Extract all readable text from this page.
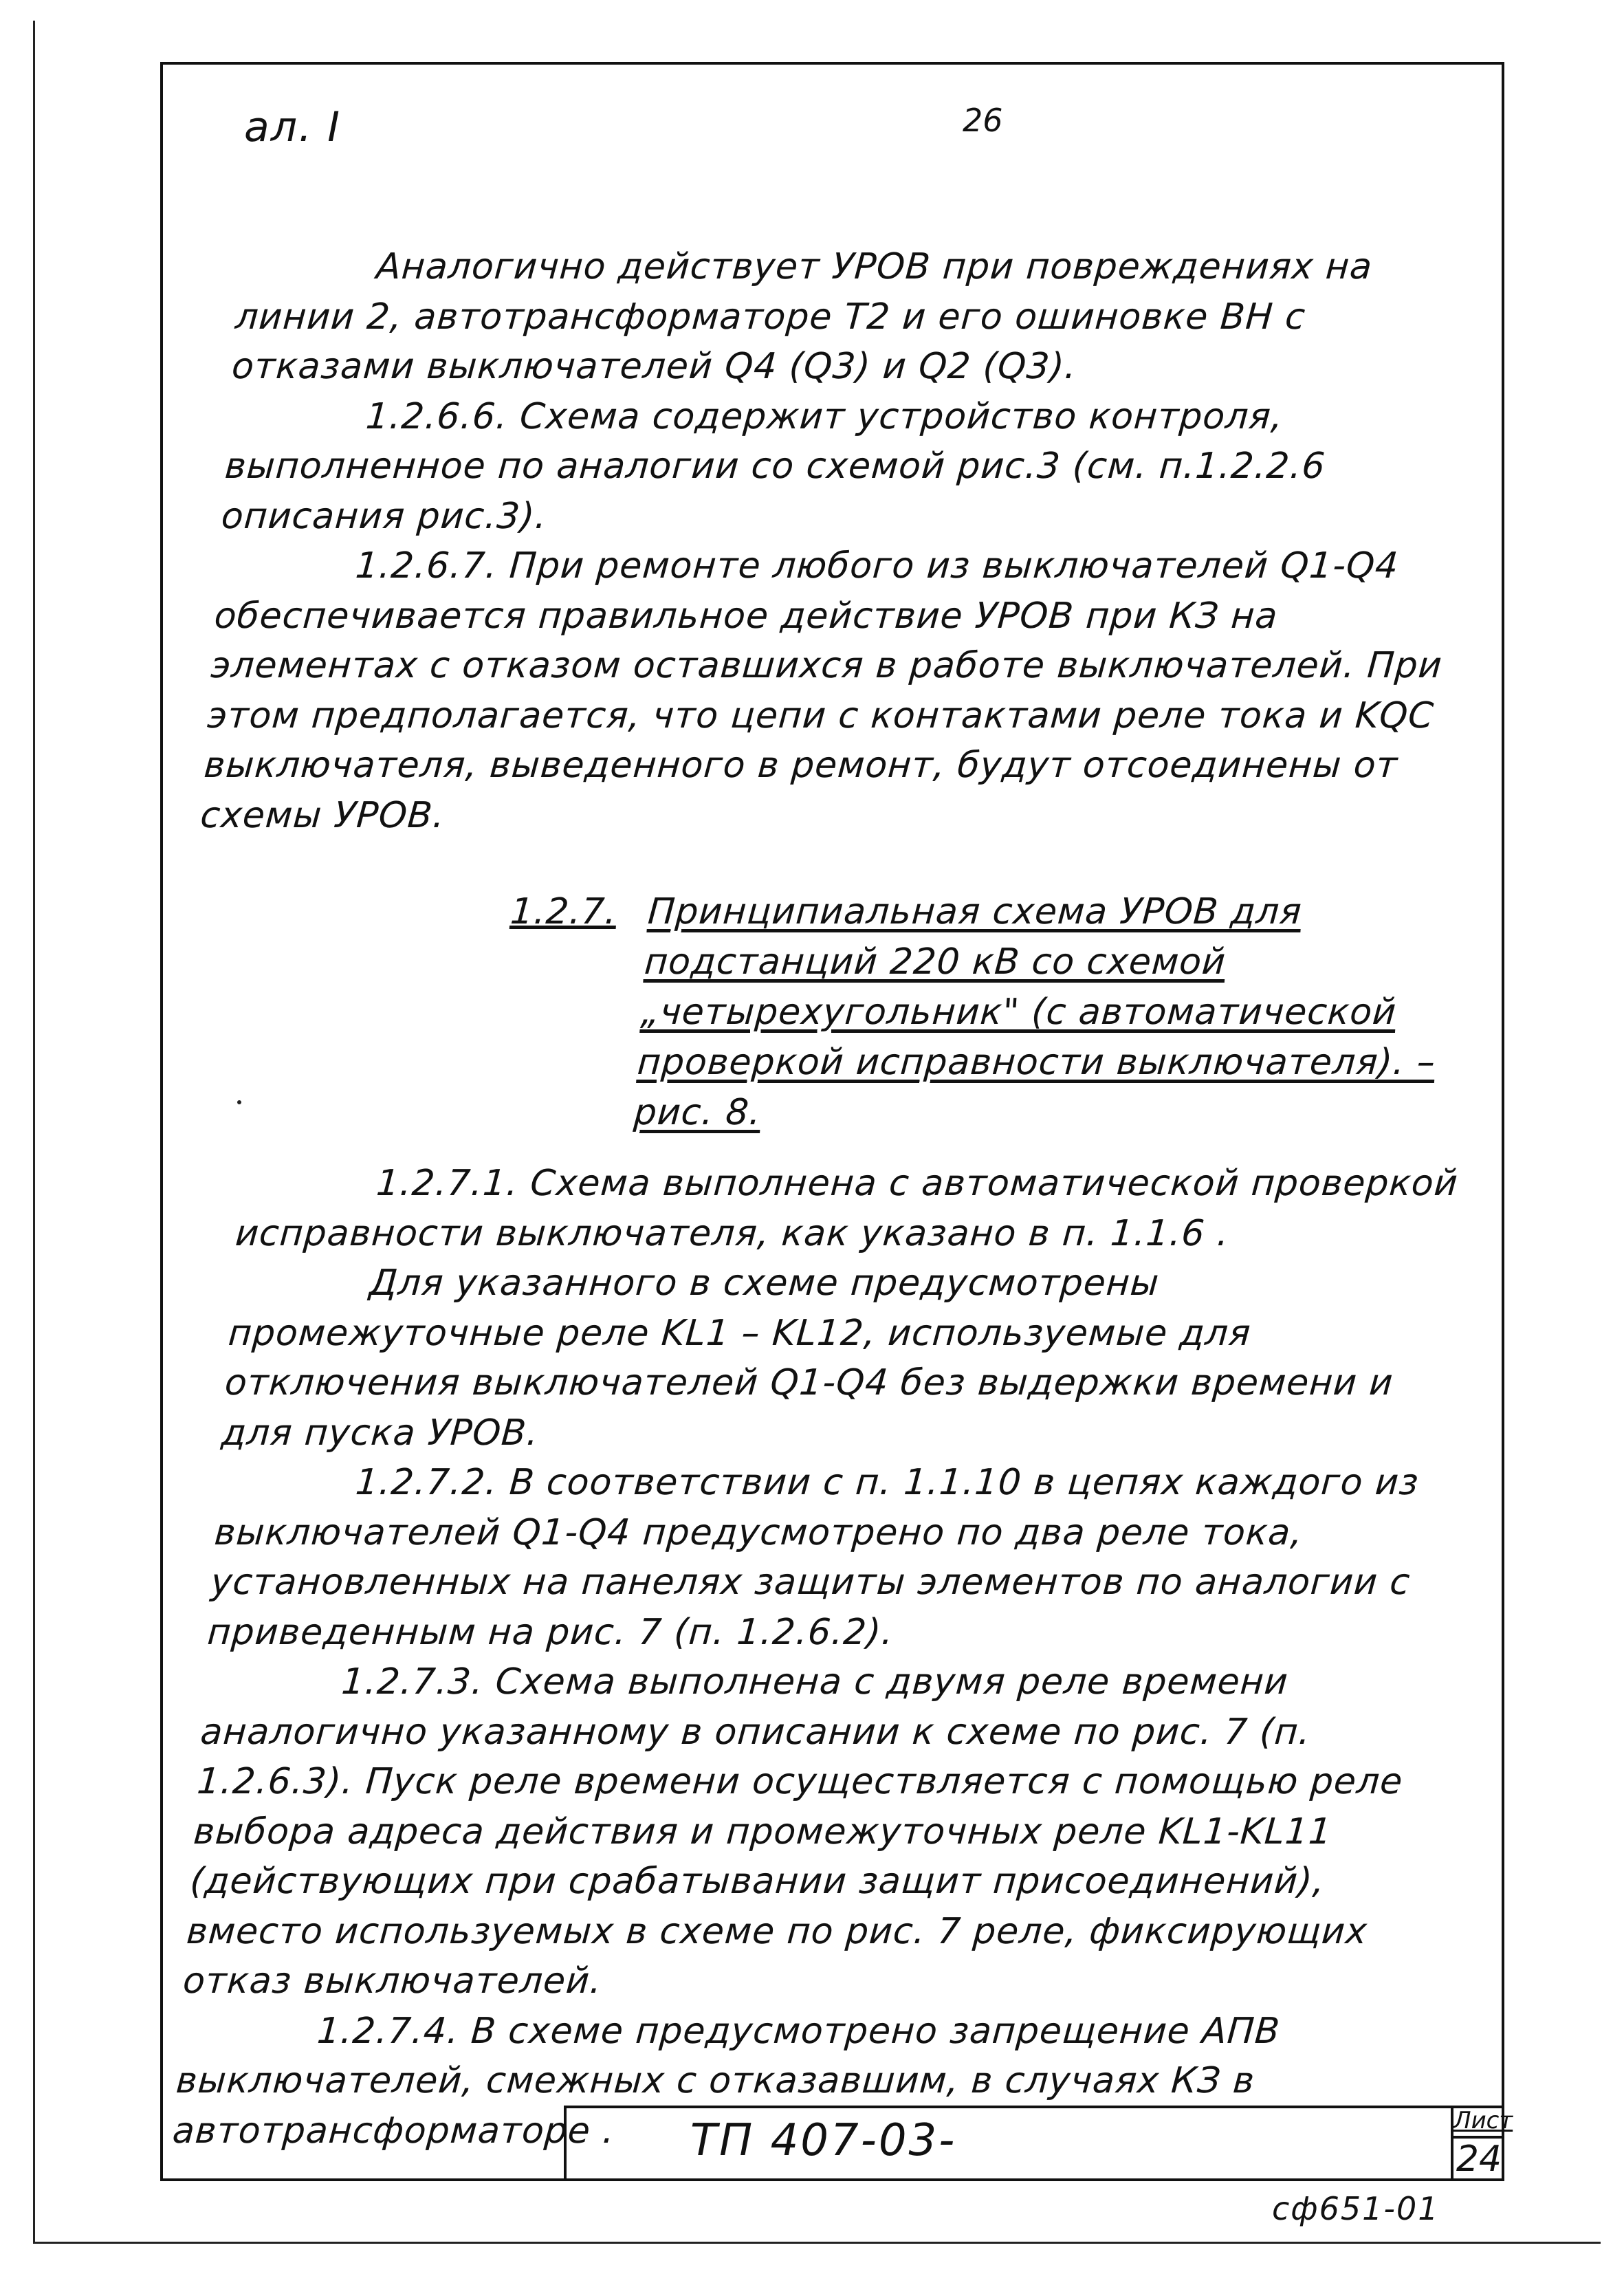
ал. I	26

Аналогично действует УРОВ при повреждениях на линии 2, автотрансформаторе Т2 и его ошиновке ВН с отказами выключателей Q4 (Q3) и Q2 (Q3).

1.2.6.6. Схема содержит устройство контроля, выполненное по аналогии со схемой рис.3 (см. п.1.2.2.6 описания рис.3).

1.2.6.7. При ремонте любого из выключателей Q1-Q4 обеспечивается правильное действие УРОВ при КЗ на элементах с отказом оставшихся в работе выключателей. При этом предполагается, что цепи с контактами реле тока и KQC выключателя, выведенного в ремонт, будут отсоединены от схемы УРОВ.

1.2.7. Принципиальная схема УРОВ для подстанций 220 кВ со схемой „четырехугольник" (с автоматической проверкой исправности выключателя). – рис. 8.

1.2.7.1. Схема выполнена с автоматической проверкой исправности выключателя, как указано в п. 1.1.6 .

Для указанного в схеме предусмотрены промежуточные реле KL1 – KL12, используемые для отключения выключателей Q1-Q4 без выдержки времени и для пуска УРОВ.

1.2.7.2. В соответствии с п. 1.1.10 в цепях каждого из выключателей Q1-Q4 предусмотрено по два реле тока, установленных на панелях защиты элементов по аналогии с приведенным на рис. 7 (п. 1.2.6.2).

1.2.7.3. Схема выполнена с двумя реле времени аналогично указанному в описании к схеме по рис. 7 (п. 1.2.6.3). Пуск реле времени осуществляется с помощью реле выбора адреса действия и промежуточных реле KL1-KL11 (действующих при срабатывании защит присоединений), вместо используемых в схеме по рис. 7 реле, фиксирующих отказ выключателей.

1.2.7.4. В схеме предусмотрено запрещение АПВ выключателей, смежных с отказавшим, в случаях КЗ в автотрансформаторе .	ТП 407-03-	Лист
24
сф651-01
